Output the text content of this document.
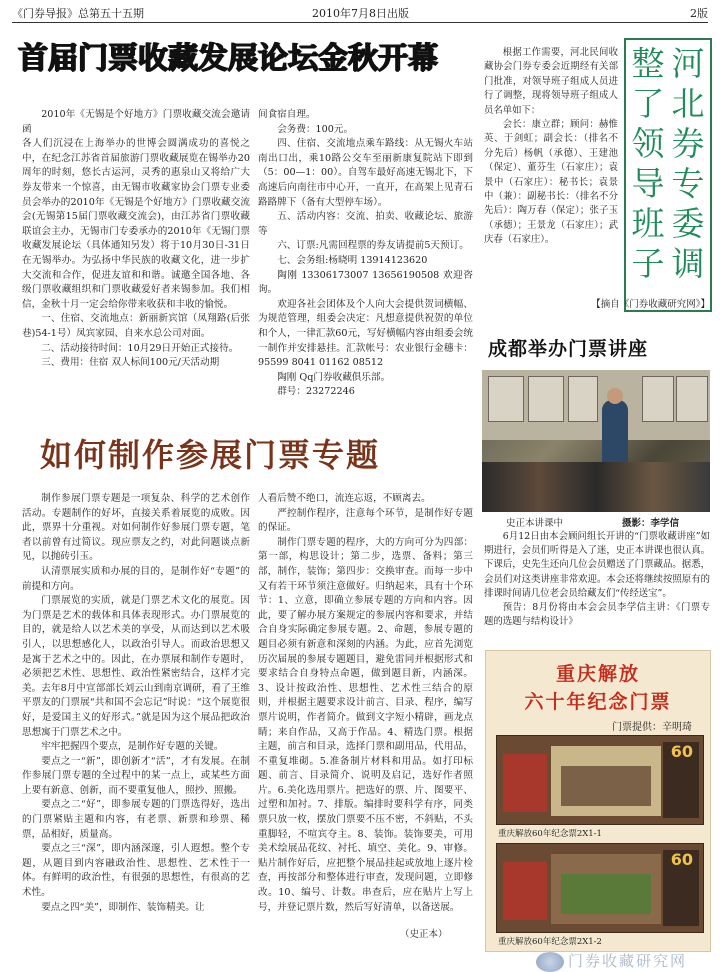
《门券导报》总第五十五期	2010年7月8日出版	2版
首届门票收藏发展论坛金秋开幕

2010年《无锡是个好地方》门票收藏交流会邀请函

各人们沉浸在上海举办的世博会圆满成功的喜悦之中，在纪念江苏省首届旅游门票收藏展览在锡举办20周年的时刻，悠长古运河，灵秀的惠泉山又将给广大券友带来一个惊喜，由无锡市收藏家协会门票专业委员会举办的2010年《无锡是个好地方》门票收藏交流会(无锡第15届门票收藏交流会)，由江苏省门票收藏联谊会主办，无锡市门专委承办的2010年《无锡门票收藏发展论坛（具体通知另发）将于10月30日-31日在无锡举办。为弘扬中华民族的收藏文化，进一步扩大交流和合作，促进友谊和和谐。诚邀全国各地、各级门票收藏组织和门票收藏爱好者来锡参加。我们相信，金秋十月一定会给你带来收获和丰收的愉悦。

一、住宿、交流地点：新丽新宾馆（凤翔路(后张巷)54-1号）凤宾家园、自来水总公司对面。

二、活动接待时间：10月29日开始正式接待。

三、费用：住宿 双人标间100元/天活动期

间食宿自理。

会务费：100元。

四、住宿、交流地点乘车路线：从无锡火车站南出口出，乘10路公交车至丽新康复院站下即到（5：00—1：00）。自驾车最好高速无锡北下，下高速后向南往市中心开，一直开，在高架上见青石路路牌下（备有大型停车场）。

五、活动内容：交流、拍卖、收藏论坛、旅游等

六、订票:凡需回程票的券友请提前5天预订。

七、会务组:杨晓明 13914123620

陶刚 13306173007 13656190508 欢迎咨询。

欢迎各社会团体及个人向大会提供贺词横幅、为规范管理，组委会决定：凡想意提供祝贺的单位和个人，一律汇款60元，写好横幅内容由组委会统一制作并安排悬挂。汇款帐号：农业银行金穗卡：95599 8041 01162 08512

陶刚 Qq门券收藏俱乐部。

群号：23272246

根据工作需要，河北民间收藏协会门券专委会近期经有关部门批准，对领导班子组成人员进行了调整，现将领导班子组成人员名单如下：

会长：康立群；顾问：赫惟英、于剑虹；副会长：（排名不分先后）杨帆（承德）、王建池（保定）、董芬生（石家庄）；袁景中（石家庄）：秘书长；袁景中（兼）：副秘书长：（排名不分先后）：陶万春（保定）；张子玉（承德）；王景龙（石家庄）；武庆春（石家庄）。

河
北
券
专
委
调
整
了
领
导
班
子
【摘自《门券收藏研究网》】
成都举办门票讲座
史正本讲课中	摄影：李学信

6月12日由本会顾问组长开讲的“门票收藏讲座”如期进行，会员们听得是入了迷，史正本讲课也很认真。下课后，史先生还向几位会员赠送了门票藏品。据悉，会员们对这类讲座非常欢迎。本会还将继续按照原有的排课时间请几位老会员给藏友们“传经送宝”。

预告：8月份将由本会会员李学信主讲：《门票专题的选题与结构设计》

如何制作参展门票专题

制作参展门票专题是一项复杂、科学的艺术创作活动。专题制作的好坏，直接关系着展览的成败。因此，票界十分重视。对如何制作好参展门票专题，笔者以前曾有过简议。现应票友之约，对此问题谈点新见，以抛砖引玉。

认清票展实质和办展的目的，是制作好“专题”的前提和方向。

门票展览的实质，就是门票艺术文化的展览。因为门票是艺术的载体和具体表现形式。办门票展览的目的，就是给人以艺术美的享受，从而达到以艺术吸引人，以思想感化人，以政治引导人。而政治思想又是寓于艺术之中的。因此，在办票展和制作专题时，必须把艺术性、思想性、政治性紧密结合，这样才完美。去年8月中宣部部长刘云山到南京调研，看了王维平票友的门票展“共和国不会忘记”时说：“这个展览很好，是爱国主义的好形式。”就是因为这个展品把政治思想寓于门票艺术之中。

牢牢把握四个要点，是制作好专题的关键。

要点之一“新”，即创新才“活”，才有发展。在制作参展门票专题的全过程中的某一点上，或某些方面上要有新意、创新，而不要重复他人，照抄、照搬。

要点之二“好”，即参展专题的门票选得好，选出的门票紧贴主题和内容，有老票、新票和珍票、稀票，品相好，质量高。

要点之三“深”，即内涵深邃，引人遐想。整个专题，从题目到内容融政治性、思想性、艺术性于一体。有鲜明的政治性，有很强的思想性，有很高的艺术性。

要点之四“美”，即制作、装饰精美。让

人看后赞不绝口，流连忘返，不顾离去。

严控制作程序，注意每个环节，是制作好专题的保证。

制作门票专题的程序，大的方向可分为四部：第一部，构思设计；第二步，选票、备料；第三部，制作，装饰；第四步：交换审查。而每一步中又有若干环节须注意做好。归纳起来，具有十个环节：1、立意，即确立参展专题的方向和内容。因此，要了解办展方案规定的参展内容和要求，并结合自身实际确定参展专题。2、命题，参展专题的题目必须有新意和深刻的内涵。为此，应首先浏览历次届展的参展专题题目，避免雷同并根据形式和要求结合自身特点命题，做到题目新，内涵深。3、设计按政治性、思想性、艺术性三结合的原则，并根据主题要求设计前言、目录、程序，编写票片说明，作者简介。做到文字短小精辟，画龙点睛；来自作品，又高于作品。4、精选门票。根据主题，前言和目录，选择门票和副用品，代用品，不重复堆砌。5.准备制片材料和用品。如打印标题、前言、目录简介、说明及启记，选好作者照片。6.美化选用票片。把选好的票、片、图要平、过塑和加衬。7、排版。编排时要科学有序，同类票只放一枚，摆放门票要不压不密，不斜贴，不头重脚轻，不喧宾夺主。8、装饰。装饰要美，可用美术绘展品花纹、衬托、填空、美化。9、审修。贴片制作好后，应把整个展品挂起或放地上逐片检查，再按部分和整体进行审查，发现问题，立即修改。10、编号、计数。串查后，应在贴片上写上号，并登记票片数，然后写好清单，以备送展。

（史正本）
重庆解放
六十年纪念门票
门票提供：辛明琦
60
重庆解放60年纪念票2X1-1
60
重庆解放60年纪念票2X1-2
门券收藏研究网
